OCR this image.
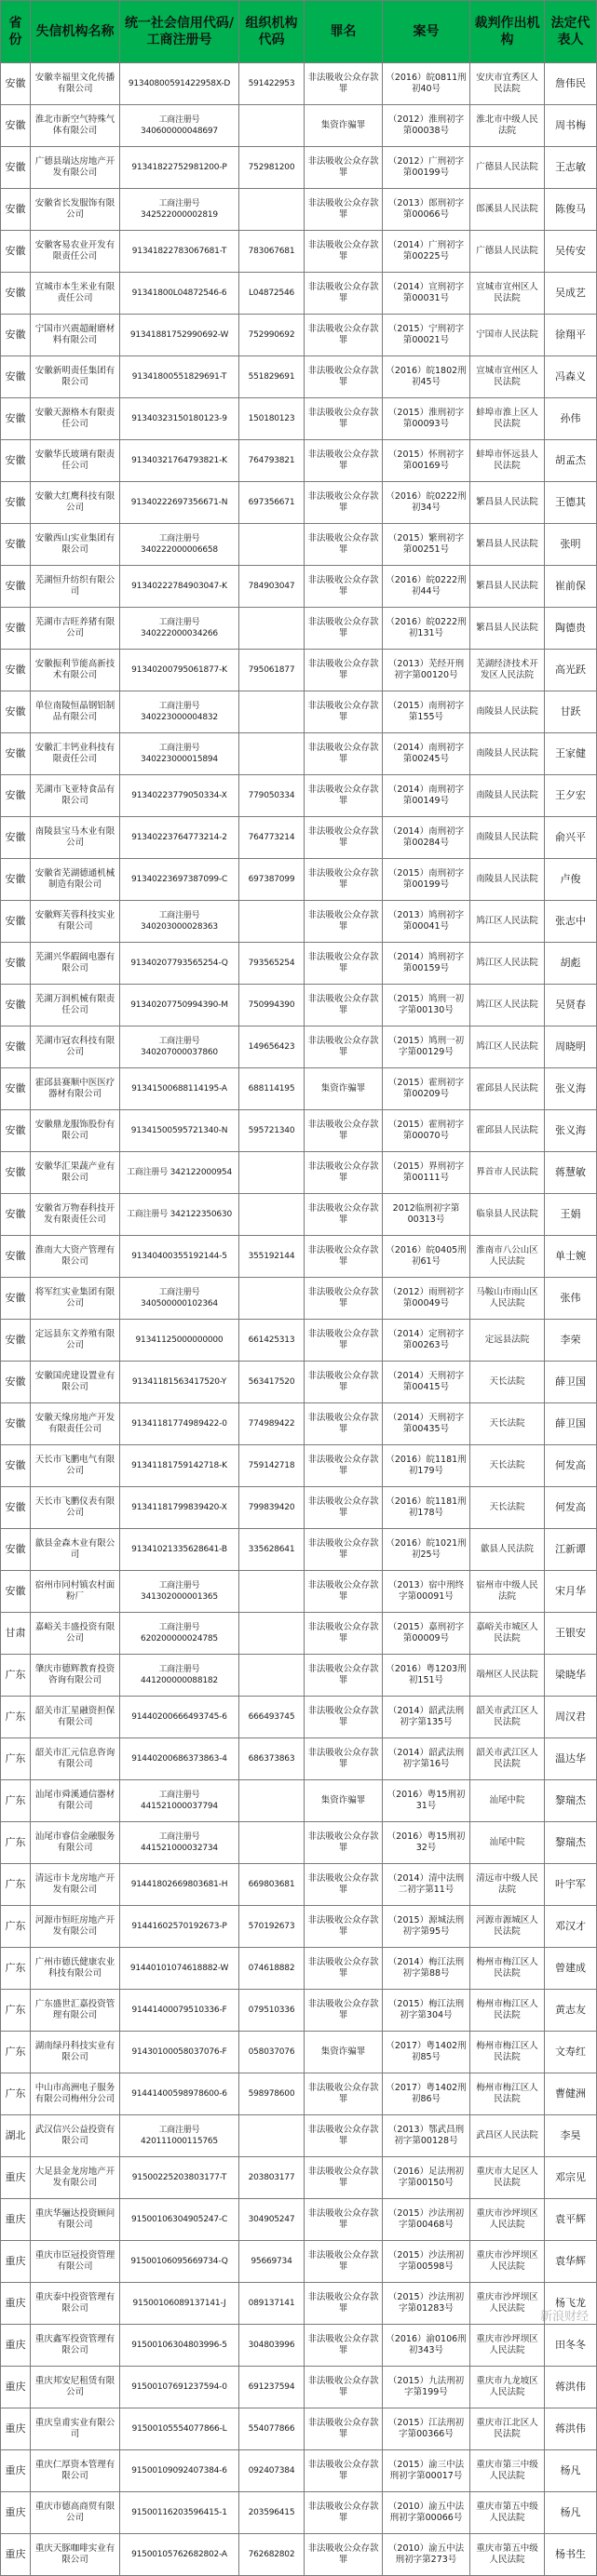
省份	失信机构名称	统一社会信用代码/工商注册号	组织机构代码	罪名	案号	裁判作出机构	法定代表人
安徽	安徽幸福里文化传播有限公司	91340800591422958X-D	591422953	非法吸收公众存款罪	（2016）皖0811刑初40号	安庆市宜秀区人民法院	詹伟民
安徽	淮北市新空气特殊气体有限公司	工商注册号 340600000048697		集资诈骗罪	（2012）淮刑初字第00038号	淮北市中级人民法院	周书梅
安徽	广德县瑞达房地产开发有限公司	91341822752981200-P	752981200	非法吸收公众存款罪	（2012）广刑初字第00199号	广德县人民法院	王志敏
安徽	安徽省长发服饰有限公司	工商注册号 342522000002819		非法吸收公众存款罪	（2013）郎刑初字第00066号	郎溪县人民法院	陈俊马
安徽	安徽客易农业开发有限责任公司	91341822783067681-T	783067681	非法吸收公众存款罪	（2014）广刑初字第00225号	广德县人民法院	吴传安
安徽	宣城市本生米业有限责任公司	91341800L04872546-6	L04872546	非法吸收公众存款罪	（2014）宣刑初字第00031号	宣城市宣州区人民法院	吴成艺
安徽	宁国市兴震超耐磨材料有限公司	91341881752990692-W	752990692	非法吸收公众存款罪	（2015）宁刑初字第00021号	宁国市人民法院	徐翔平
安徽	安徽新明责任集团有限公司	91341800551829691-T	551829691	非法吸收公众存款罪	（2016）皖1802刑初45号	宣城市宣州区人民法院	冯森义
安徽	安徽天源格木有限责任公司	91340323150180123-9	150180123	非法吸收公众存款罪	（2015）淮刑初字第00093号	蚌埠市淮上区人民法院	孙伟
安徽	安徽华氏玻璃有限责任公司	91340321764793821-K	764793821	非法吸收公众存款罪	（2015）怀刑初字第00169号	蚌埠市怀远县人民法院	胡孟杰
安徽	安徽大红鹰科技有限公司	91340222697356671-N	697356671	非法吸收公众存款罪	（2016）皖0222刑初34号	繁昌县人民法院	王德其
安徽	安徽西山实业集团有限公司	工商注册号 340222000006658		非法吸收公众存款罪	（2015）繁刑初字第00251号	繁昌县人民法院	张明
安徽	芜湖恒升纺织有限公司	91340222784903047-K	784903047	非法吸收公众存款罪	（2016）皖0222刑初44号	繁昌县人民法院	崔前保
安徽	芜湖市吉旺养猪有限公司	工商注册号 340222000034266		非法吸收公众存款罪	（2016）皖0222刑初131号	繁昌县人民法院	陶德贵
安徽	安徽振利节能高新技术有限公司	91340200795061877-K	795061877	非法吸收公众存款罪	（2013）芜经开刑初字第00120号	芜湖经济技术开发区人民法院	高光跃
安徽	单位南陵恒晶钢铝制品有限公司	工商注册号 340223000004832		非法吸收公众存款罪	（2015）南刑初字第155号	南陵县人民法院	甘跃
安徽	安徽汇丰钙业科技有限责任公司	工商注册号 340223000015894		非法吸收公众存款罪	（2014）南刑初字第00245号	南陵县人民法院	王家健
安徽	芜湖市飞亚特食品有限公司	91340223779050334-X	779050334	非法吸收公众存款罪	（2014）南刑初字第00149号	南陵县人民法院	王夕宏
安徽	南陵县宝马木业有限公司	91340223764773214-2	764773214	非法吸收公众存款罪	（2014）南刑初字第00284号	南陵县人民法院	俞兴平
安徽	安徽省芜湖德通机械制造有限公司	91340223697387099-C	697387099	非法吸收公众存款罪	（2015）南刑初字第00199号	南陵县人民法院	卢俊
安徽	安徽辉芙蓉科技实业有限公司	工商注册号 340203000028363		非法吸收公众存款罪	（2013）鸠刑初字第00041号	鸠江区人民法院	张志中
安徽	芜湖兴华嘏阔电器有限公司	91340207793565254-Q	793565254	非法吸收公众存款罪	（2014）鸠刑初字第00159号	鸠江区人民法院	胡彪
安徽	芜湖万润机械有限责任公司	91340207750994390-M	750994390	非法吸收公众存款罪	（2015）鸠刑一初字第00130号	鸠江区人民法院	吴贤春
安徽	芜湖市冠农科技有限公司	工商注册号 340207000037860	149656423	非法吸收公众存款罪	（2015）鸠刑一初字第00129号	鸠江区人民法院	周晓明
安徽	霍邱县赛顺中医医疗器材有限公司	91341500688114195-A	688114195	集资诈骗罪	（2015）霍刑初字第00209号	霍邱县人民法院	张义海
安徽	安徽鼎龙服饰股份有限公司	91341500595721340-N	595721340	非法吸收公众存款罪	（2015）霍刑初字第00070号	霍邱县人民法院	张义海
安徽	安徽华汇果蔬产业有限公司	工商注册号 342122000954		非法吸收公众存款罪	（2015）界刑初字第00111号	界首市人民法院	蒋慧敏
安徽	安徽省万物春科技开发有限责任公司	工商注册号 342122350630		非法吸收公众存款罪	2012临刑初字第00313号	临泉县人民法院	王娟
安徽	淮南大大资产管理有限公司	91340400355192144-5	355192144	非法吸收公众存款罪	（2016）皖0405刑初61号	淮南市八公山区人民法院	单士婉
安徽	将军红实业集团有限公司	工商注册号 340500000102364		非法吸收公众存款罪	（2012）雨刑初字第00049号	马鞍山市雨山区人民法院	张伟
安徽	定远县东文养殖有限公司	91341125000000000	661425313	非法吸收公众存款罪	（2014）定刑初字第00263号	定远县法院	李荣
安徽	安徽国虎建设置业有限公司	91341181563417520-Y	563417520	非法吸收公众存款罪	（2014）天刑初字第00415号	天长法院	薛卫国
安徽	安徽天缘房地产开发有限责任公司	91341181774989422-0	774989422	非法吸收公众存款罪	（2014）天刑初字第00435号	天长法院	薛卫国
安徽	天长市飞鹏电气有限公司	91341181759142718-K	759142718	非法吸收公众存款罪	（2016）皖1181刑初179号	天长法院	何发高
安徽	天长市飞鹏仪表有限公司	91341181799839420-X	799839420	非法吸收公众存款罪	（2016）皖1181刑初178号	天长法院	何发高
安徽	歙县金森木业有限公司	91341021335628641-B	335628641	非法吸收公众存款罪	（2016）皖1021刑初25号	歙县人民法院	江新谭
安徽	宿州市同村镇农村面粉厂	工商注册号 341302000001365		非法吸收公众存款罪	（2013）宿中刑终字第00091号	宿州市中级人民法院	宋月华
甘肃	嘉峪关丰盛投资有限公司	工商注册号 620200000024785		非法吸收公众存款罪	（2015）嘉刑初字第00009号	嘉峪关市城区人民法院	王银安
广东	肇庆市德辉教育投资咨询有限公司	工商注册号 441200000088182		非法吸收公众存款罪	（2016）粤1203刑初151号	端州区人民法院	梁晓华
广东	韶关市汇星融资担保有限公司	91440200666493745-6	666493745	非法吸收公众存款罪	（2014）韶武法刑初字第135号	韶关市武江区人民法院	周汉君
广东	韶关市汇元信息咨询有限公司	91440200686373863-4	686373863	非法吸收公众存款罪	（2014）韶武法刑初字第16号	韶关市武江区人民法院	温达华
广东	汕尾市舜溪通信器材有限公司	工商注册号 441521000037794		集资诈骗罪	（2016）粤15刑初31号	汕尾中院	黎瑞杰
广东	汕尾市睿信金融服务有限公司	工商注册号 441521000032734		非法吸收公众存款罪	（2016）粤15刑初32号	汕尾中院	黎瑞杰
广东	清远市卡龙房地产开发有限公司	91441802669803681-H	669803681	非法吸收公众存款罪	（2014）清中法刑二初字第11号	清远市中级人民法院	叶宇军
广东	河源市恒旺房地产开发有限公司	91441602570192673-P	570192673	非法吸收公众存款罪	（2015）源城法刑初字第95号	河源市源城区人民法院	邓汉才
广东	广州市德氏健康农业科技有限公司	91440101074618882-W	074618882	非法吸收公众存款罪	（2014）梅江法刑初字第88号	梅州市梅江区人民法院	曾建成
广东	广东盛世汇嘉投资管理有限公司	91441400079510336-F	079510336	非法吸收公众存款罪	（2015）梅江法刑初字第304号	梅州市梅江区人民法院	黄志友
广东	湖南绿丹科技实业有限公司	91430100058037076-F	058037076	集资诈骗罪	（2017）粤1402刑初85号	梅州市梅江区人民法院	文寿红
广东	中山市高洲电子服务有限公司梅州分公司	91441400598978600-6	598978600	非法吸收公众存款罪	（2017）粤1402刑初86号	梅州市梅江区人民法院	曹健洲
湖北	武汉信兴公益投资有限公司	工商注册号 420111000115765		非法吸收公众存款罪	（2013）鄂武昌刑初字第00128号	武昌区人民法院	李昊
重庆	大足县金龙房地产开发有限公司	91500225203803177-T	203803177	非法吸收公众存款罪	（2016）足法刑初字第00150号	重庆市大足区人民法院	邓宗见
重庆	重庆华骊达投资顾问有限公司	91500106304905247-C	304905247	非法吸收公众存款罪	（2015）沙法刑初字第00468号	重庆市沙坪坝区人民法院	袁平辉
重庆	重庆市臣冠投资管理有限公司	91500106095669734-Q	95669734	非法吸收公众存款罪	（2015）沙法刑初字第00598号	重庆市沙坪坝区人民法院	袁华辉
重庆	重庆泰中投资管理有限公司	91500106089137141-J	089137141	非法吸收公众存款罪	（2015）沙法刑初字第01283号	重庆市沙坪坝区人民法院	杨飞龙
重庆	重庆鑫军投资管理有限公司	91500106304803996-5	304803996	非法吸收公众存款罪	（2016）渝0106刑初343号	重庆市沙坪坝区人民法院	田冬冬
重庆	重庆邦安尼租赁有限公司	91500107691237594-0	691237594	非法吸收公众存款罪	（2015）九法刑初字第199号	重庆市九龙坡区人民法院	蒋洪伟
重庆	重庆皇甫实业有限公司	91500105554077866-L	554077866	非法吸收公众存款罪	（2015）江法刑初字第00366号	重庆市江北区人民法院	蒋洪伟
重庆	重庆仁厚资本管理有限公司	91500109092407384-6	092407384	非法吸收公众存款罪	（2015）渝三中法刑初字第00017号	重庆市第三中级人民法院	杨凡
重庆	重庆市德高商贸有限公司	91500116203596415-1	203596415	非法吸收公众存款罪	（2010）渝五中法刑初字第00066号	重庆市第五中级人民法院	杨凡
重庆	重庆天豚咖啡实业有限公司	91500105762682802-A	762682802	非法吸收公众存款罪	（2010）渝五中法刑初字第273号	重庆市第五中级人民法院	杨书生
新浪财经
